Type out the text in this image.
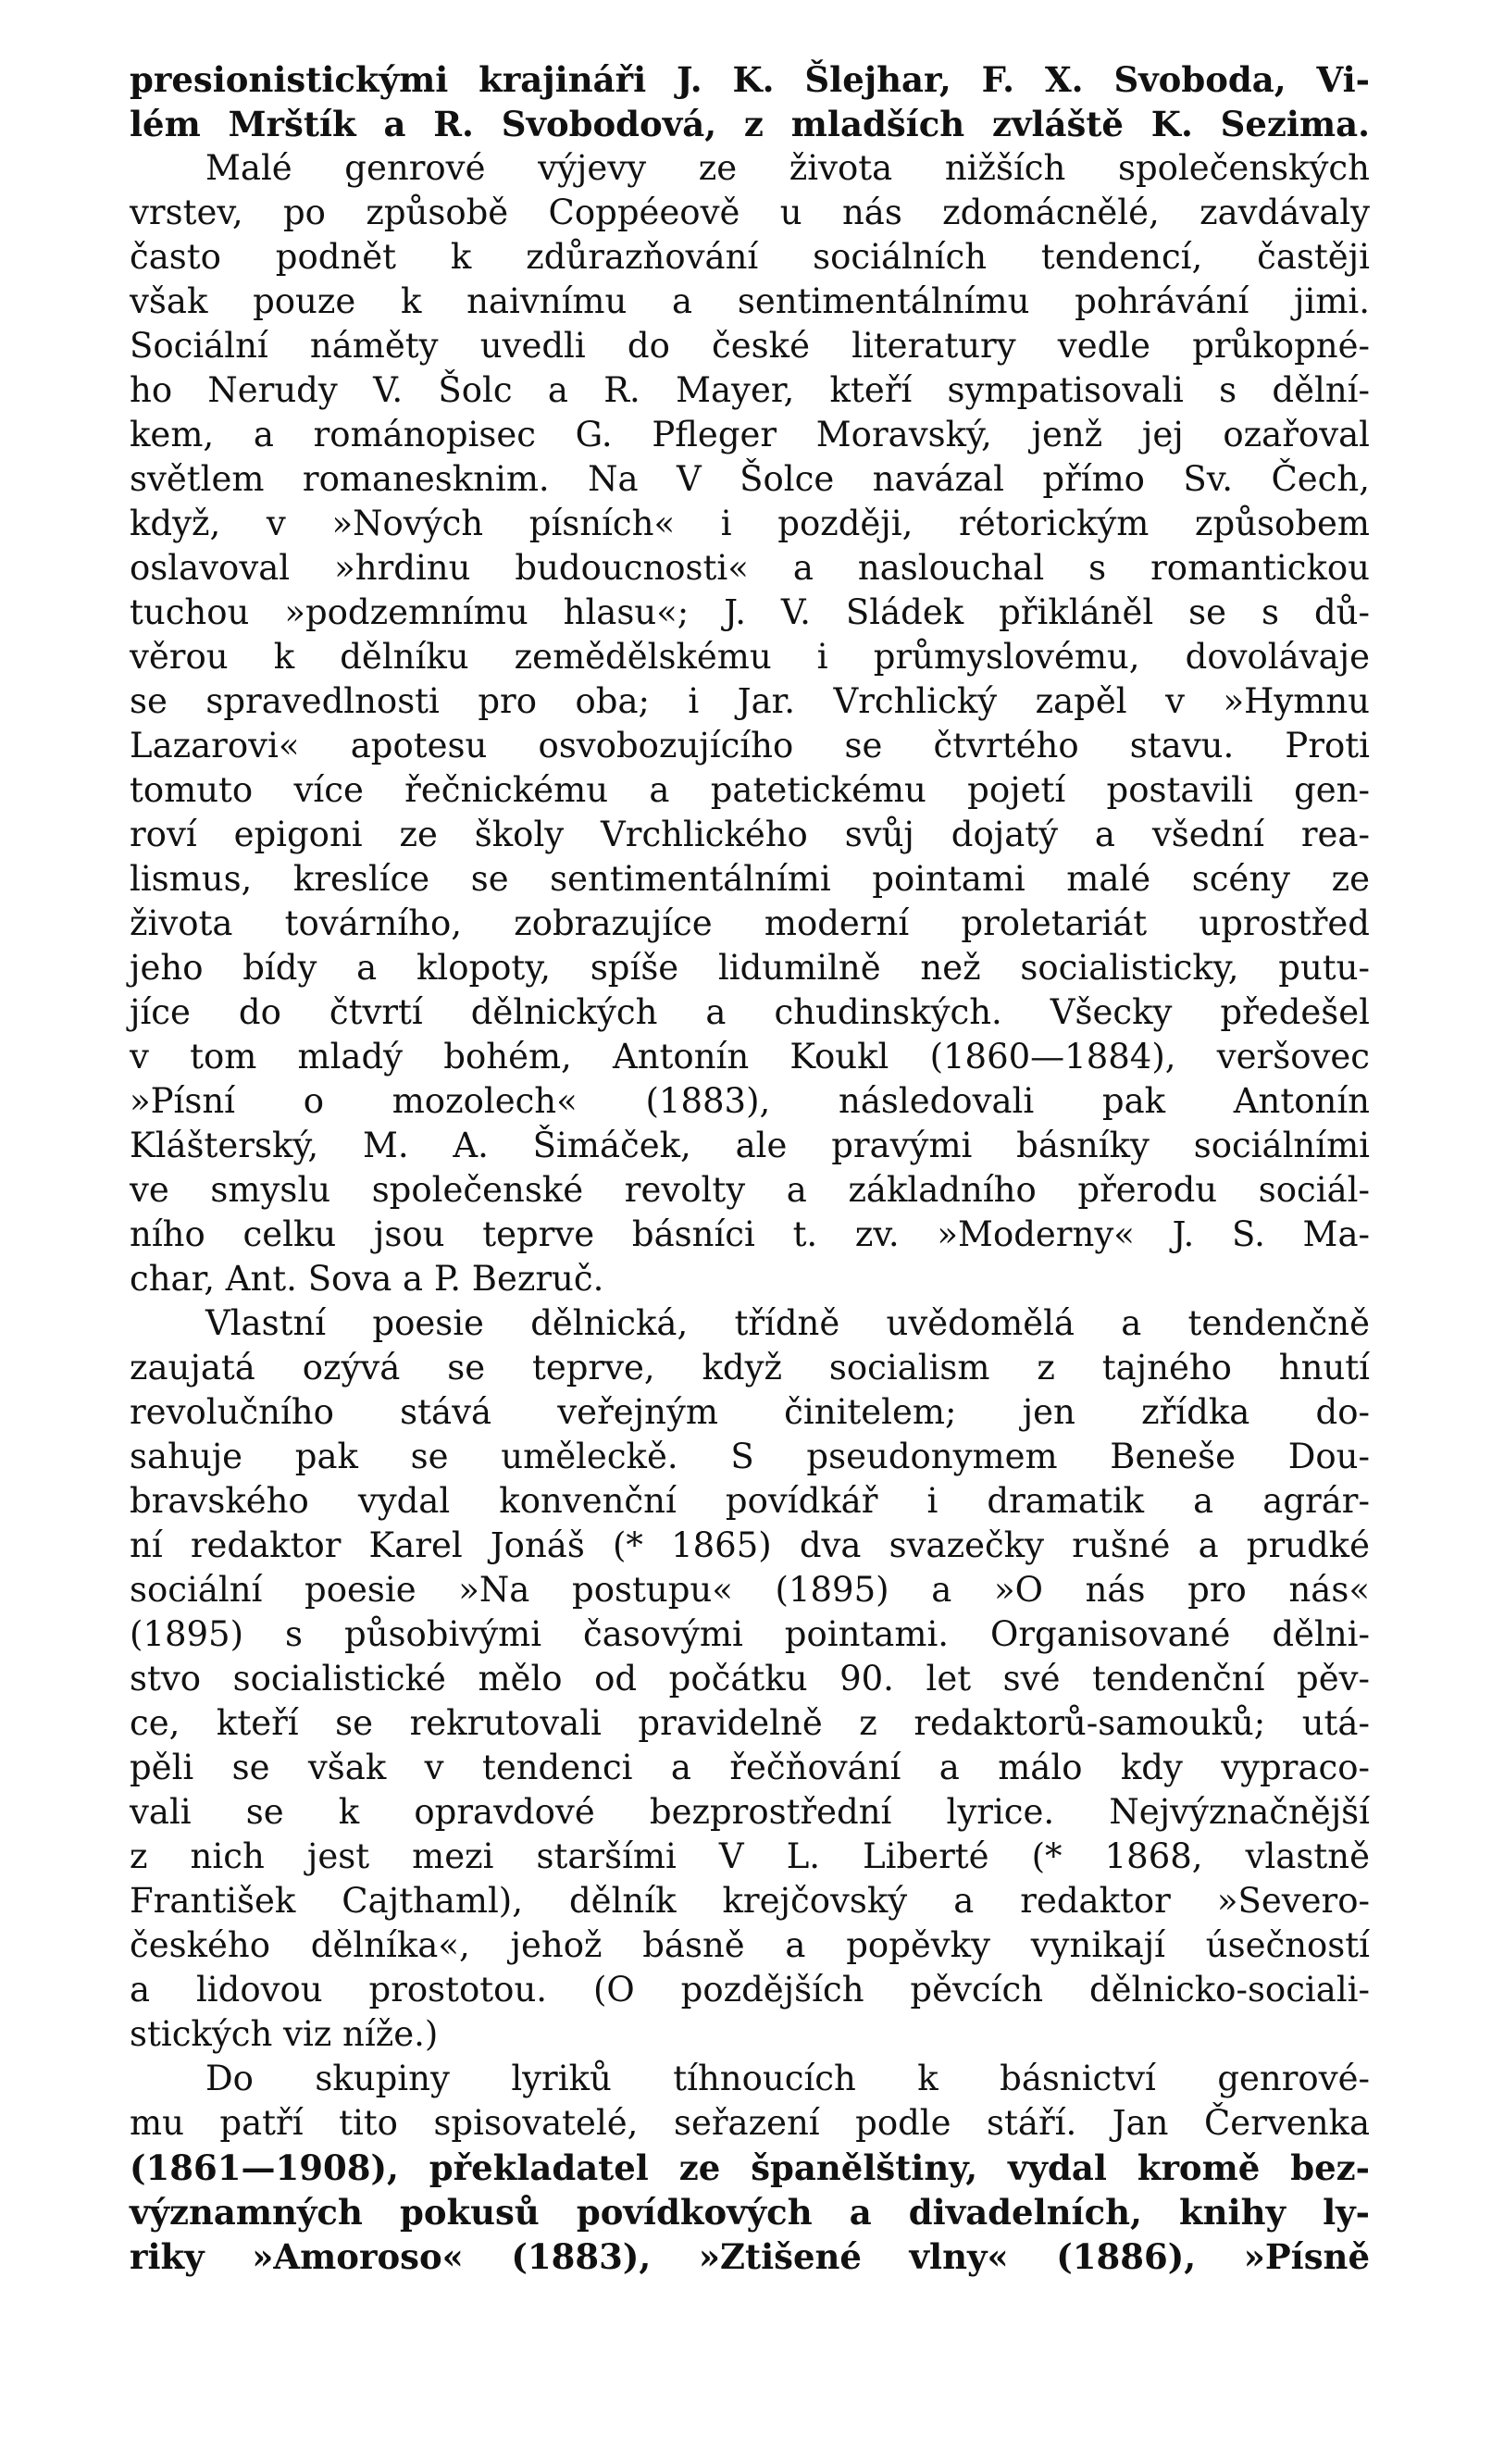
presionistickými krajináři J. K. Šlejhar, F. X. Svoboda, Vi-
lém Mrštík a R. Svobodová, z mladších zvláště K. Sezima.
Malé genrové výjevy ze života nižších společenských
vrstev, po způsobě Coppéeově u nás zdomácnělé, zavdávaly
často podnět k zdůrazňování sociálních tendencí, častěji
však pouze k naivnímu a sentimentálnímu pohrávání jimi.
Sociální náměty uvedli do české literatury vedle průkopné-
ho Nerudy V. Šolc a R. Mayer, kteří sympatisovali s dělní-
kem, a románopisec G. Pfleger Moravský, jenž jej ozařoval
světlem romanesknim. Na V Šolce navázal přímo Sv. Čech,
když, v »Nových písních« i později, rétorickým způsobem
oslavoval »hrdinu budoucnosti« a naslouchal s romantickou
tuchou »podzemnímu hlasu«; J. V. Sládek přikláněl se s dů-
věrou k dělníku zemědělskému i průmyslovému, dovolávaje
se spravedlnosti pro oba; i Jar. Vrchlický zapěl v »Hymnu
Lazarovi« apotesu osvobozujícího se čtvrtého stavu. Proti
tomuto více řečnickému a patetickému pojetí postavili gen-
roví epigoni ze školy Vrchlického svůj dojatý a všední rea-
lismus, kreslíce se sentimentálními pointami malé scény ze
života továrního, zobrazujíce moderní proletariát uprostřed
jeho bídy a klopoty, spíše lidumilně než socialisticky, putu-
jíce do čtvrtí dělnických a chudinských. Všecky předešel
v tom mladý bohém, Antonín Koukl (1860—1884), veršovec
»Písní o mozolech« (1883), následovali pak Antonín
Klášterský, M. A. Šimáček, ale pravými básníky sociálními
ve smyslu společenské revolty a základního přerodu sociál-
ního celku jsou teprve básníci t. zv. »Moderny« J. S. Ma-
char, Ant. Sova a P. Bezruč.
Vlastní poesie dělnická, třídně uvědomělá a tendenčně
zaujatá ozývá se teprve, když socialism z tajného hnutí
revolučního stává veřejným činitelem; jen zřídka do-
sahuje pak se uměleckě. S pseudonymem Beneše Dou-
bravského vydal konvenční povídkář i dramatik a agrár-
ní redaktor Karel Jonáš (* 1865) dva svazečky rušné a prudké
sociální poesie »Na postupu« (1895) a »O nás pro nás«
(1895) s působivými časovými pointami. Organisované dělni-
stvo socialistické mělo od počátku 90. let své tendenční pěv-
ce, kteří se rekrutovali pravidelně z redaktorů-samouků; utá-
pěli se však v tendenci a řečňování a málo kdy vypraco-
vali se k opravdové bezprostřední lyrice. Nejvýznačnější
z nich jest mezi staršími V L. Liberté (* 1868, vlastně
František Cajthaml), dělník krejčovský a redaktor »Severo-
českého dělníka«, jehož básně a popěvky vynikají úsečností
a lidovou prostotou. (O pozdějších pěvcích dělnicko-sociali-
stických viz níže.)
Do skupiny lyriků tíhnoucích k básnictví genrové-
mu patří tito spisovatelé, seřazení podle stáří. Jan Červenka
(1861—1908), překladatel ze španělštiny, vydal kromě bez-
významných pokusů povídkových a divadelních, knihy ly-
riky »Amoroso« (1883), »Ztišené vlny« (1886), »Písně
